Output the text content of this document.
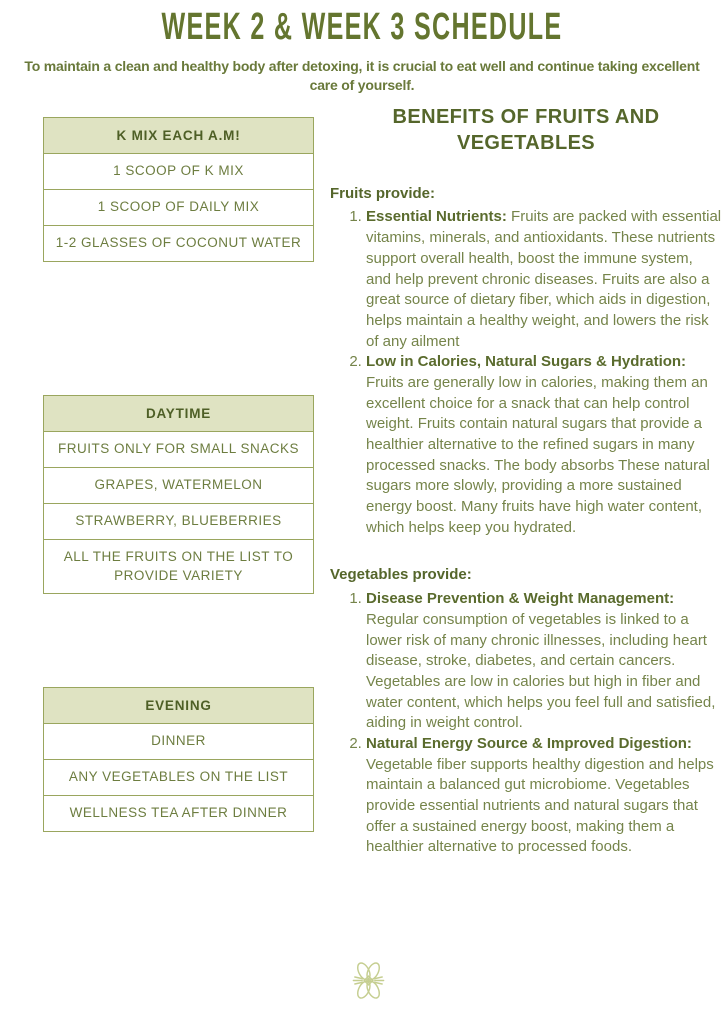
WEEK 2 & WEEK 3 SCHEDULE

To maintain a clean and healthy body after detoxing, it is crucial to eat well and continue taking excellent care of yourself.

K MIX EACH A.M!
1 SCOOP OF K MIX
1 SCOOP OF DAILY MIX
1-2 GLASSES OF COCONUT WATER
DAYTIME
FRUITS ONLY FOR SMALL SNACKS
GRAPES, WATERMELON
STRAWBERRY, BLUEBERRIES
ALL THE FRUITS ON THE LIST TO PROVIDE VARIETY
EVENING
DINNER
ANY VEGETABLES ON THE LIST
WELLNESS TEA AFTER DINNER
BENEFITS OF FRUITS AND VEGETABLES

Fruits provide:

1. Essential Nutrients: Fruits are packed with essential vitamins, minerals, and antioxidants. These nutrients support overall health, boost the immune system, and help prevent chronic diseases. Fruits are also a great source of dietary fiber, which aids in digestion, helps maintain a healthy weight, and lowers the risk of any ailment
2. Low in Calories, Natural Sugars & Hydration: Fruits are generally low in calories, making them an excellent choice for a snack that can help control weight. Fruits contain natural sugars that provide a healthier alternative to the refined sugars in many processed snacks. The body absorbs These natural sugars more slowly, providing a more sustained energy boost. Many fruits have high water content, which helps keep you hydrated.

Vegetables provide:

1. Disease Prevention & Weight Management: Regular consumption of vegetables is linked to a lower risk of many chronic illnesses, including heart disease, stroke, diabetes, and certain cancers. Vegetables are low in calories but high in fiber and water content, which helps you feel full and satisfied, aiding in weight control.
2. Natural Energy Source & Improved Digestion: Vegetable fiber supports healthy digestion and helps maintain a balanced gut microbiome. Vegetables provide essential nutrients and natural sugars that offer a sustained energy boost, making them a healthier alternative to processed foods.
